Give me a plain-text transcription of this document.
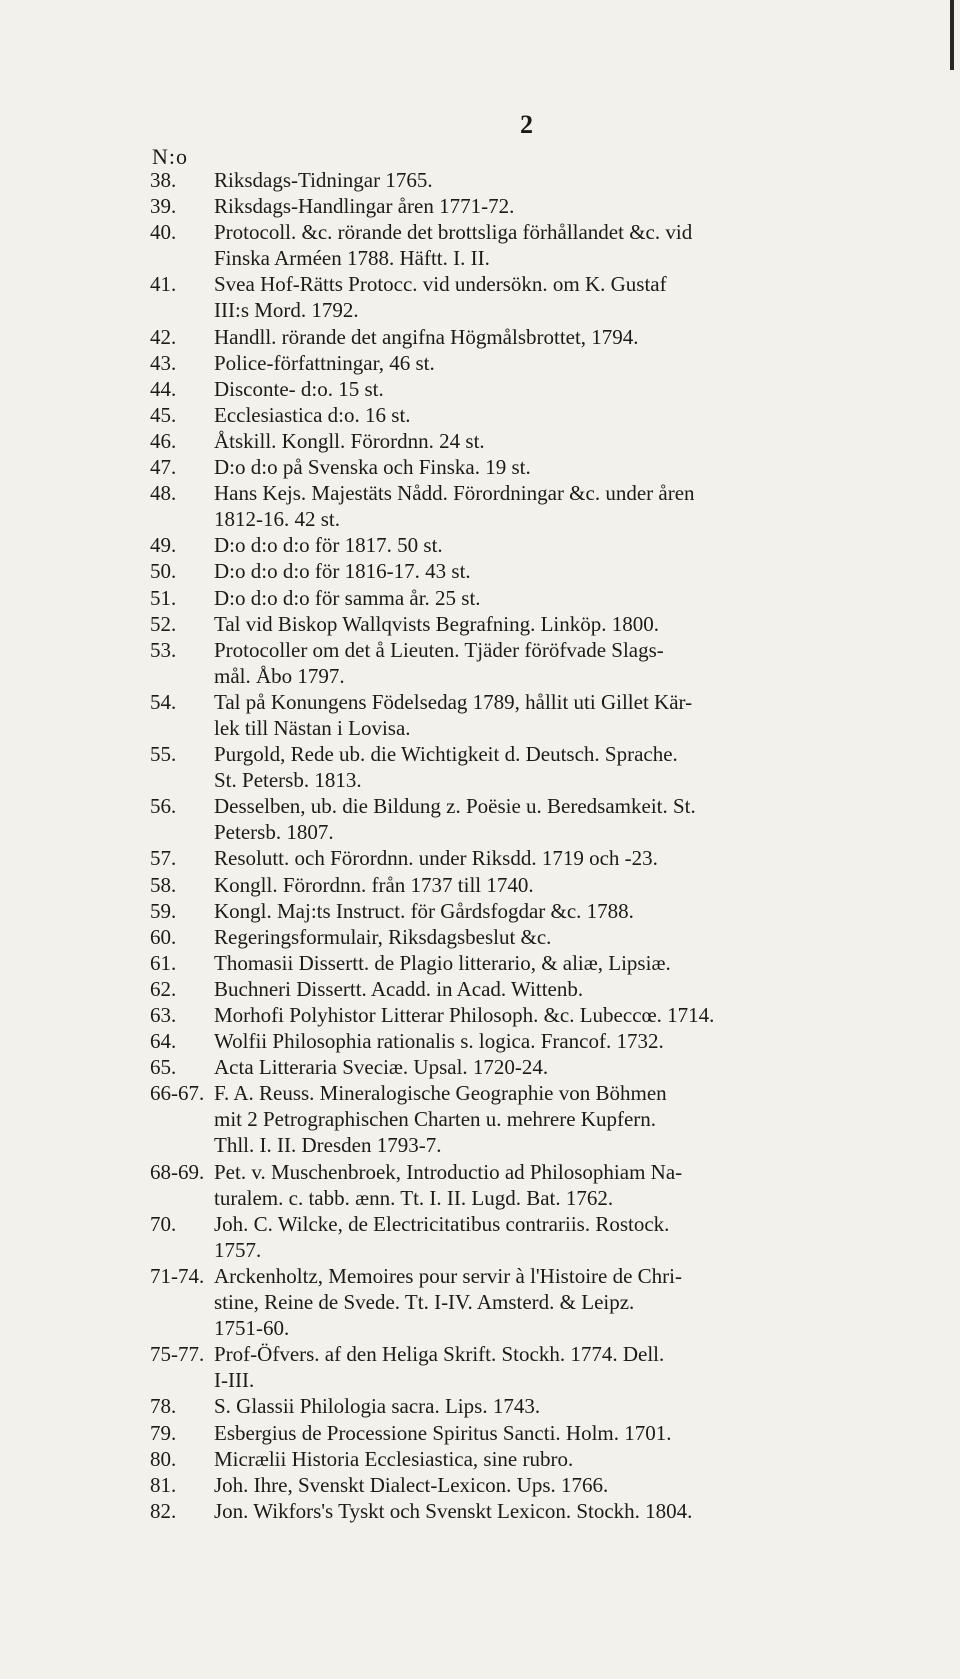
2
N:o
38. Riksdags-Tidningar 1765.
39. Riksdags-Handlingar åren 1771-72.
40. Protocoll. &c. rörande det brottsliga förhållandet &c. vid
Finska Arméen 1788. Häftt. I. II.
41. Svea Hof-Rätts Protocc. vid undersökn. om K. Gustaf
III:s Mord. 1792.
42. Handll. rörande det angifna Högmålsbrottet, 1794.
43. Police-författningar, 46 st.
44. Disconte- d:o. 15 st.
45. Ecclesiastica d:o. 16 st.
46. Åtskill. Kongll. Förordnn. 24 st.
47. D:o d:o på Svenska och Finska. 19 st.
48. Hans Kejs. Majestäts Nådd. Förordningar &c. under åren
1812-16. 42 st.
49. D:o d:o d:o för 1817. 50 st.
50. D:o d:o d:o för 1816-17. 43 st.
51. D:o d:o d:o för samma år. 25 st.
52. Tal vid Biskop Wallqvists Begrafning. Linköp. 1800.
53. Protocoller om det å Lieuten. Tjäder föröfvade Slags-
mål. Åbo 1797.
54. Tal på Konungens Födelsedag 1789, hållit uti Gillet Kär-
lek till Nästan i Lovisa.
55. Purgold, Rede ub. die Wichtigkeit d. Deutsch. Sprache.
St. Petersb. 1813.
56. Desselben, ub. die Bildung z. Poësie u. Beredsamkeit. St.
Petersb. 1807.
57. Resolutt. och Förordnn. under Riksdd. 1719 och -23.
58. Kongll. Förordnn. från 1737 till 1740.
59. Kongl. Maj:ts Instruct. för Gårdsfogdar &c. 1788.
60. Regeringsformulair, Riksdagsbeslut &c.
61. Thomasii Dissertt. de Plagio litterario, & aliæ, Lipsiæ.
62. Buchneri Dissertt. Acadd. in Acad. Wittenb.
63. Morhofi Polyhistor Litterar Philosoph. &c. Lubeccœ. 1714.
64. Wolfii Philosophia rationalis s. logica. Francof. 1732.
65. Acta Litteraria Sveciæ. Upsal. 1720-24.
66-67. F. A. Reuss. Mineralogische Geographie von Böhmen
mit 2 Petrographischen Charten u. mehrere Kupfern.
Thll. I. II. Dresden 1793-7.
68-69. Pet. v. Muschenbroek, Introductio ad Philosophiam Na-
turalem. c. tabb. ænn. Tt. I. II. Lugd. Bat. 1762.
70. Joh. C. Wilcke, de Electricitatibus contrariis. Rostock.
1757.
71-74. Arckenholtz, Memoires pour servir à l'Histoire de Chri-
stine, Reine de Svede. Tt. I-IV. Amsterd. & Leipz.
1751-60.
75-77. Prof-Öfvers. af den Heliga Skrift. Stockh. 1774. Dell.
I-III.
78. S. Glassii Philologia sacra. Lips. 1743.
79. Esbergius de Processione Spiritus Sancti. Holm. 1701.
80. Micrælii Historia Ecclesiastica, sine rubro.
81. Joh. Ihre, Svenskt Dialect-Lexicon. Ups. 1766.
82. Jon. Wikfors's Tyskt och Svenskt Lexicon. Stockh. 1804.
